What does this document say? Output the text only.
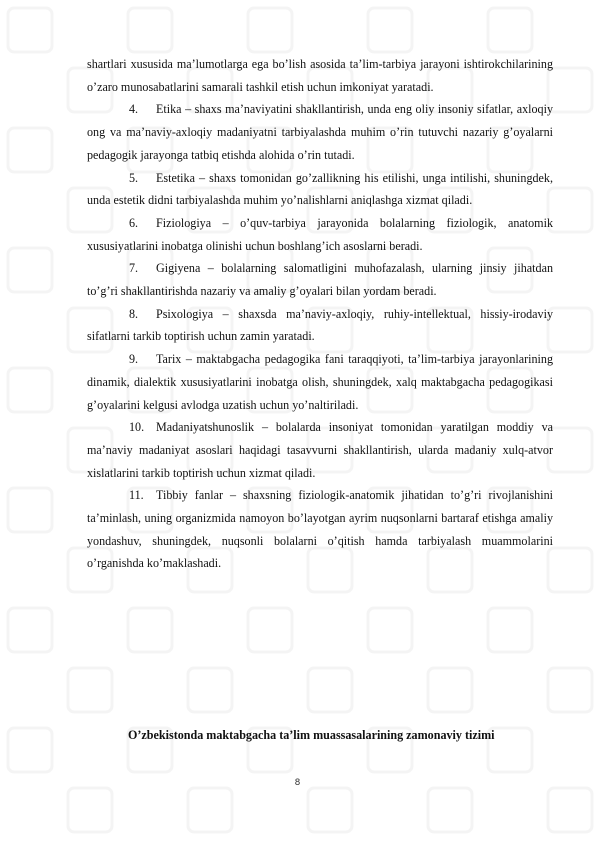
shartlari xususida ma’lumotlarga ega bo’lish asosida ta’lim-tarbiya jarayoni ishtirokchilarining o’zaro munosabatlarini samarali tashkil etish uchun imkoniyat yaratadi.

4. Etika – shaxs ma’naviyatini shakllantirish, unda eng oliy insoniy sifatlar, axloqiy ong va ma’naviy-axloqiy madaniyatni tarbiyalashda muhim o’rin tutuvchi nazariy g’oyalarni pedagogik jarayonga tatbiq etishda alohida o’rin tutadi.

5. Estetika – shaxs tomonidan go’zallikning his etilishi, unga intilishi, shuningdek, unda estetik didni tarbiyalashda muhim yo’nalishlarni aniqlashga xizmat qiladi.

6. Fiziologiya – o’quv-tarbiya jarayonida bolalarning fiziologik, anatomik xususiyatlarini inobatga olinishi uchun boshlang’ich asoslarni beradi.

7. Gigiyena – bolalarning salomatligini muhofazalash, ularning jinsiy jihatdan to’g’ri shakllantirishda nazariy va amaliy g’oyalari bilan yordam beradi.

8. Psixologiya – shaxsda ma’naviy-axloqiy, ruhiy-intellektual, hissiy-irodaviy sifatlarni tarkib toptirish uchun zamin yaratadi.

9. Tarix – maktabgacha pedagogika fani taraqqiyoti, ta’lim-tarbiya jarayonlarining dinamik, dialektik xususiyatlarini inobatga olish, shuningdek, xalq maktabgacha pedagogikasi g’oyalarini kelgusi avlodga uzatish uchun yo’naltiriladi.

10. Madaniyatshunoslik – bolalarda insoniyat tomonidan yaratilgan moddiy va ma’naviy madaniyat asoslari haqidagi tasavvurni shakllantirish, ularda madaniy xulq-atvor xislatlarini tarkib toptirish uchun xizmat qiladi.

11. Tibbiy fanlar – shaxsning fiziologik-anatomik jihatidan to’g’ri rivojlanishini ta’minlash, uning organizmida namoyon bo’layotgan ayrim nuqsonlarni bartaraf etishga amaliy yondashuv, shuningdek, nuqsonli bolalarni o’qitish hamda tarbiyalash muammolarini o’rganishda ko’maklashadi.

O’zbekistonda maktabgacha ta’lim muassasalarining zamonaviy tizimi
8
